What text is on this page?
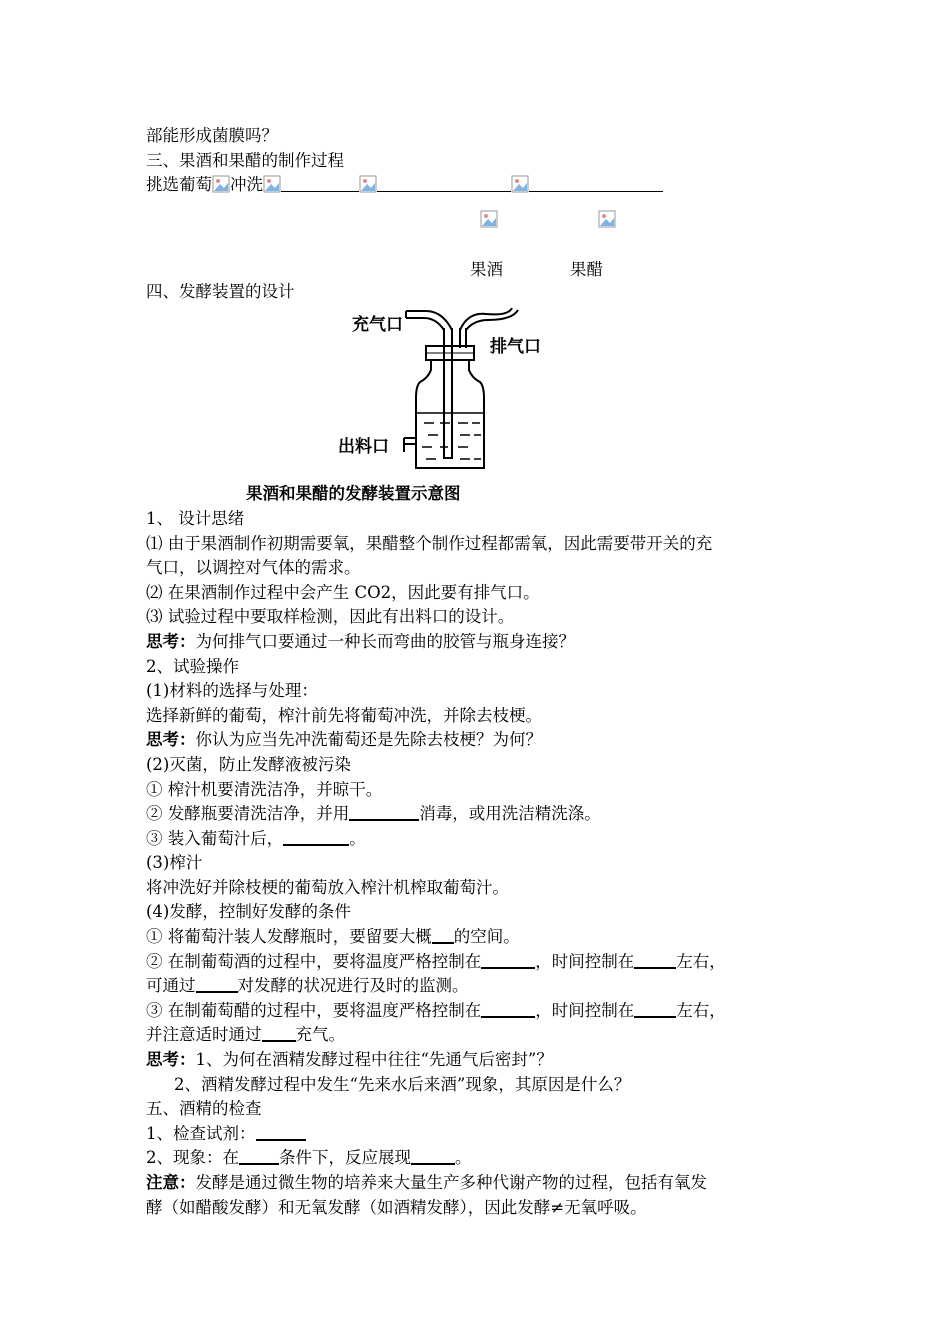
部能形成菌膜吗？
三、果酒和果醋的制作过程
挑选葡萄 冲洗
果酒	果醋
四、发酵装置的设计
充气口
排气口
出料口
果酒和果醋的发酵装置示意图
1、 设计思绪
⑴ 由于果酒制作初期需要氧，果醋整个制作过程都需氧，因此需要带开关的充
气口，以调控对气体的需求。
⑵ 在果酒制作过程中会产生 CO2，因此要有排气口。
⑶ 试验过程中要取样检测，因此有出料口的设计。
思考：为何排气口要通过一种长而弯曲的胶管与瓶身连接？
2、试验操作
(1)材料的选择与处理：
选择新鲜的葡萄，榨汁前先将葡萄冲洗，并除去枝梗。
思考：你认为应当先冲洗葡萄还是先除去枝梗？为何？
(2)灭菌，防止发酵液被污染
① 榨汁机要清洗洁净，并晾干。
② 发酵瓶要清洗洁净，并用	消毒，或用洗洁精洗涤。
③ 装入葡萄汁后，	。
(3)榨汁
将冲洗好并除枝梗的葡萄放入榨汁机榨取葡萄汁。
(4)发酵，控制好发酵的条件
① 将葡萄汁装人发酵瓶时，要留要大概 的空间。
② 在制葡萄酒的过程中，要将温度严格控制在	，时间控制在	左右，
可通过	对发酵的状况进行及时的监测。
③ 在制葡萄醋的过程中，要将温度严格控制在	，时间控制在	左右，
并注意适时通过 充气。
思考：1、为何在酒精发酵过程中往往“先通气后密封”？
2、酒精发酵过程中发生“先来水后来酒”现象，其原因是什么？
五、酒精的检查
1、检查试剂：
2、现象：在 条件下，反应展现	。
注意：发酵是通过微生物的培养来大量生产多种代谢产物的过程，包括有氧发
酵（如醋酸发酵）和无氧发酵（如酒精发酵），因此发酵≠无氧呼吸。
